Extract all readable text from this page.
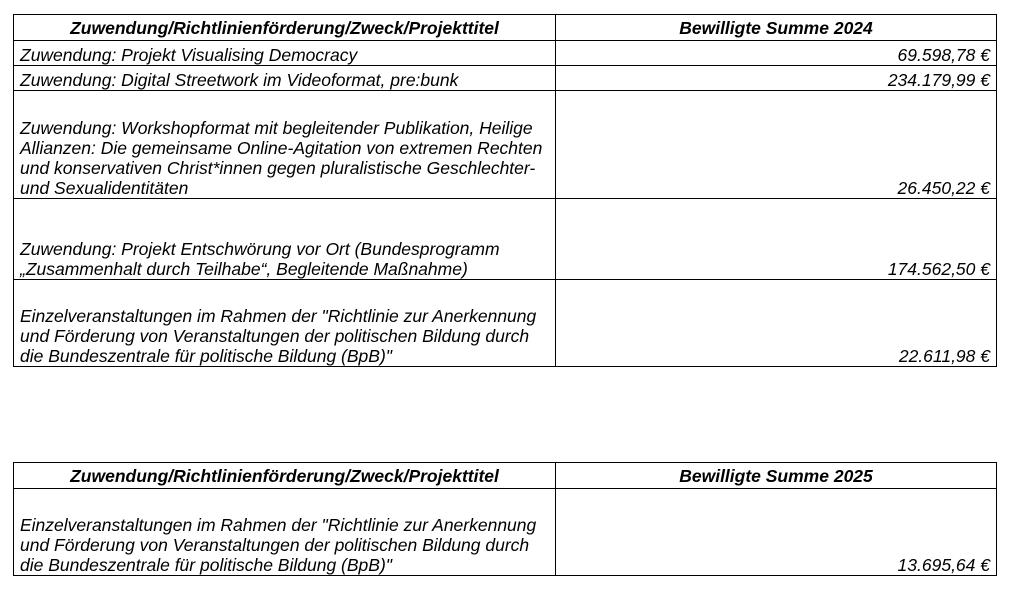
Zuwendung/Richtlinienförderung/Zweck/Projekttitel	Bewilligte Summe 2024
Zuwendung: Projekt Visualising Democracy	69.598,78 €
Zuwendung: Digital Streetwork im Videoformat, pre:bunk	234.179,99 €
Zuwendung: Workshopformat mit begleitender Publikation, Heilige Allianzen: Die gemeinsame Online-Agitation von extremen Rechten und konservativen Christ*innen gegen pluralistische Geschlechter- und Sexualidentitäten	26.450,22 €
Zuwendung: Projekt Entschwörung vor Ort (Bundesprogramm „Zusammenhalt durch Teilhabe“, Begleitende Maßnahme)	174.562,50 €
Einzelveranstaltungen im Rahmen der "Richtlinie zur Anerkennung und Förderung von Veranstaltungen der politischen Bildung durch die Bundeszentrale für politische Bildung (BpB)"	22.611,98 €
Zuwendung/Richtlinienförderung/Zweck/Projekttitel	Bewilligte Summe 2025
Einzelveranstaltungen im Rahmen der "Richtlinie zur Anerkennung und Förderung von Veranstaltungen der politischen Bildung durch die Bundeszentrale für politische Bildung (BpB)"	13.695,64 €
